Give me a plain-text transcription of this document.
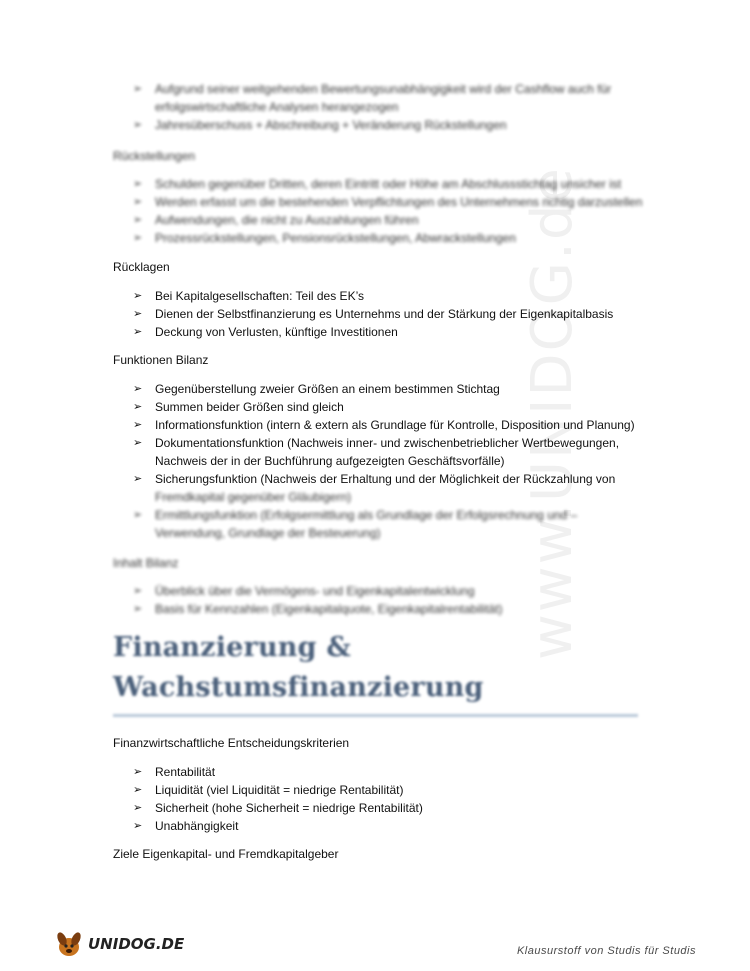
www.UNIDOG.de
➢	Aufgrund seiner weitgehenden Bewertungsunabhängigkeit wird der Cashflow auch für erfolgswirtschaftliche Analysen herangezogen
➢	Jahresüberschuss + Abschreibung + Veränderung Rückstellungen
Rückstellungen
➢	Schulden gegenüber Dritten, deren Eintritt oder Höhe am Abschlussstichtag unsicher ist
➢	Werden erfasst um die bestehenden Verpflichtungen des Unternehmens richtig darzustellen
➢	Aufwendungen, die nicht zu Auszahlungen führen
➢	Prozessrückstellungen, Pensionsrückstellungen, Abwrackstellungen
Rücklagen
➢	Bei Kapitalgesellschaften: Teil des EK’s
➢	Dienen der Selbstfinanzierung es Unternehms und der Stärkung der Eigenkapitalbasis
➢	Deckung von Verlusten, künftige Investitionen
Funktionen Bilanz
➢	Gegenüberstellung zweier Größen an einem bestimmen Stichtag
➢	Summen beider Größen sind gleich
➢	Informationsfunktion (intern & extern als Grundlage für Kontrolle, Disposition und Planung)
➢	Dokumentationsfunktion (Nachweis inner- und zwischenbetrieblicher Wertbewegungen, Nachweis der in der Buchführung aufgezeigten Geschäftsvorfälle)
➢	Sicherungsfunktion (Nachweis der Erhaltung und der Möglichkeit der Rückzahlung von
Fremdkapital gegenüber Gläubigern)
➢	Ermittlungsfunktion (Erfolgsermittlung als Grundlage der Erfolgsrechnung und – Verwendung, Grundlage der Besteuerung)
Inhalt Bilanz
➢	Überblick über die Vermögens- und Eigenkapitalentwicklung
➢	Basis für Kennzahlen (Eigenkapitalquote, Eigenkapitalrentabilität)
Finanzierung &
Wachstumsfinanzierung
Finanzwirtschaftliche Entscheidungskriterien
➢	Rentabilität
➢	Liquidität (viel Liquidität = niedrige Rentabilität)
➢	Sicherheit (hohe Sicherheit = niedrige Rentabilität)
➢	Unabhängigkeit
Ziele Eigenkapital- und Fremdkapitalgeber
UNIDOG.DE	Klausurstoff von Studis für Studis
